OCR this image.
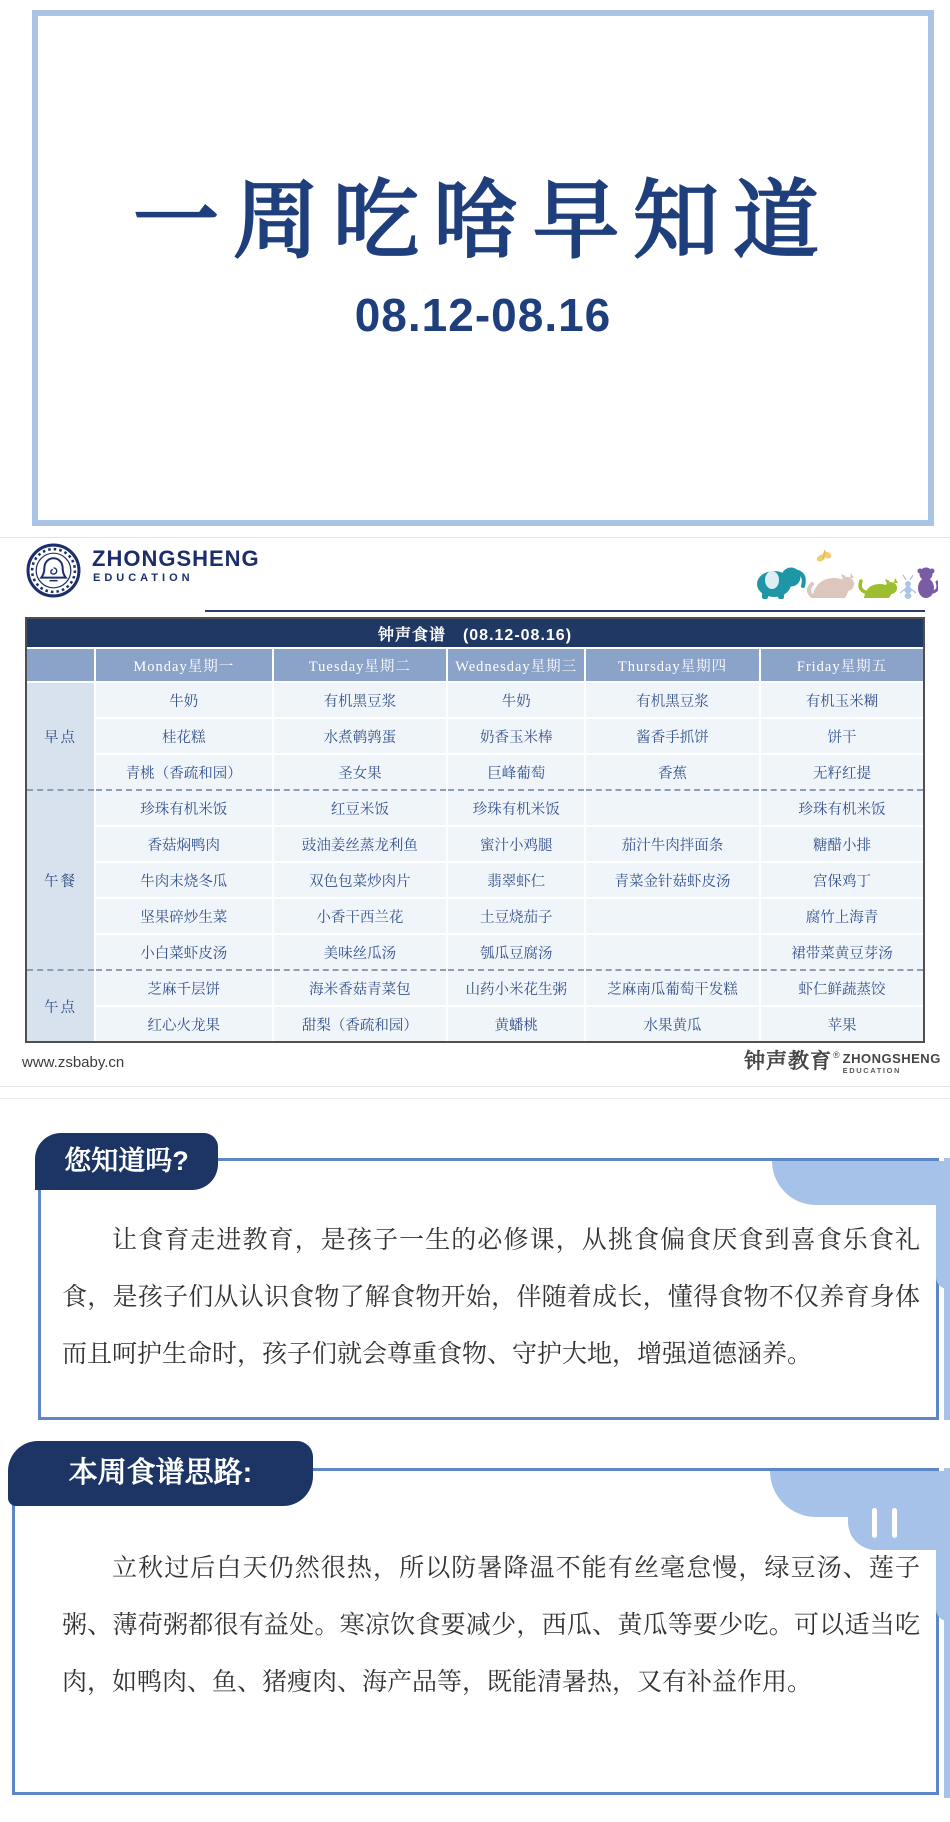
一周吃啥早知道
08.12-08.16
ZHONGSHENG
EDUCATION
钟声食谱　(08.12-08.16)					
	Monday星期一	Tuesday星期二	Wednesday星期三	Thursday星期四	Friday星期五
早点	牛奶	有机黑豆浆	牛奶	有机黑豆浆	有机玉米糊
	桂花糕	水煮鹌鹑蛋	奶香玉米棒	酱香手抓饼	饼干
	青桃（香疏和园）	圣女果	巨峰葡萄	香蕉	无籽红提
午餐	珍珠有机米饭	红豆米饭	珍珠有机米饭		珍珠有机米饭
	香菇焖鸭肉	豉油姜丝蒸龙利鱼	蜜汁小鸡腿	茄汁牛肉拌面条	糖醋小排
	牛肉末烧冬瓜	双色包菜炒肉片	翡翠虾仁	青菜金针菇虾皮汤	宫保鸡丁
	坚果碎炒生菜	小香干西兰花	土豆烧茄子		腐竹上海青
	小白菜虾皮汤	美味丝瓜汤	瓠瓜豆腐汤		裙带菜黄豆芽汤
午点	芝麻千层饼	海米香菇青菜包	山药小米花生粥	芝麻南瓜葡萄干发糕	虾仁鲜蔬蒸饺
	红心火龙果	甜梨（香疏和园）	黄蟠桃	水果黄瓜	苹果
www.zsbaby.cn	钟声教育 ® ZHONGSHENG
EDUCATION
您知道吗?
让食育走进教育，是孩子一生的必修课，从挑食偏食厌食到喜食乐食礼食，是孩子们从认识食物了解食物开始，伴随着成长，懂得食物不仅养育身体而且呵护生命时，孩子们就会尊重食物、守护大地，增强道德涵养。
本周食谱思路:
立秋过后白天仍然很热，所以防暑降温不能有丝毫怠慢，绿豆汤、莲子粥、薄荷粥都很有益处。寒凉饮食要减少，西瓜、黄瓜等要少吃。可以适当吃肉，如鸭肉、鱼、猪瘦肉、海产品等，既能清暑热，又有补益作用。
